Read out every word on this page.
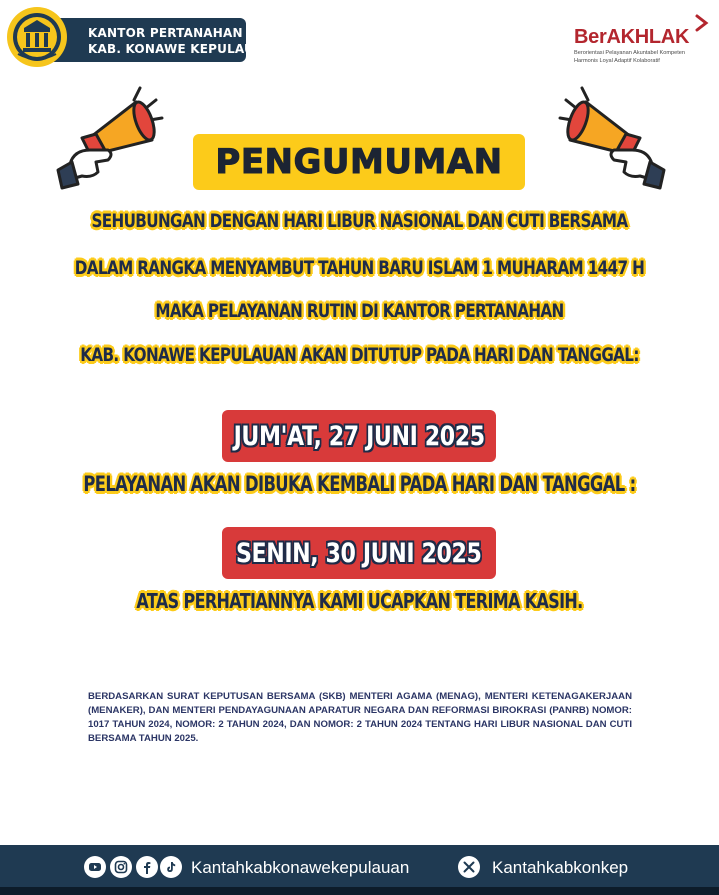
KANTOR PERTANAHAN
KAB. KONAWE KEPULAUAN
BerAKHLAK
Berorientasi Pelayanan Akuntabel Kompeten
Harmonis Loyal Adaptif Kolaboratif
PENGUMUMAN
SEHUBUNGAN DENGAN HARI LIBUR NASIONAL DAN CUTI BERSAMA
DALAM RANGKA MENYAMBUT TAHUN BARU ISLAM 1 MUHARAM 1447 H
MAKA PELAYANAN RUTIN DI KANTOR PERTANAHAN
KAB. KONAWE KEPULAUAN AKAN DITUTUP PADA HARI DAN TANGGAL:
JUM'AT, 27 JUNI 2025
PELAYANAN AKAN DIBUKA KEMBALI PADA HARI DAN TANGGAL :
SENIN, 30 JUNI 2025
ATAS PERHATIANNYA KAMI UCAPKAN TERIMA KASIH.
BERDASARKAN SURAT KEPUTUSAN BERSAMA (SKB) MENTERI AGAMA (MENAG), MENTERI KETENAGAKERJAAN (MENAKER), DAN MENTERI PENDAYAGUNAAN APARATUR NEGARA DAN REFORMASI BIROKRASI (PANRB) NOMOR: 1017 TAHUN 2024, NOMOR: 2 TAHUN 2024, DAN NOMOR: 2 TAHUN 2024 TENTANG HARI LIBUR NASIONAL DAN CUTI BERSAMA TAHUN 2025.
Kantahkabkonawekepulauan	Kantahkabkonkep
